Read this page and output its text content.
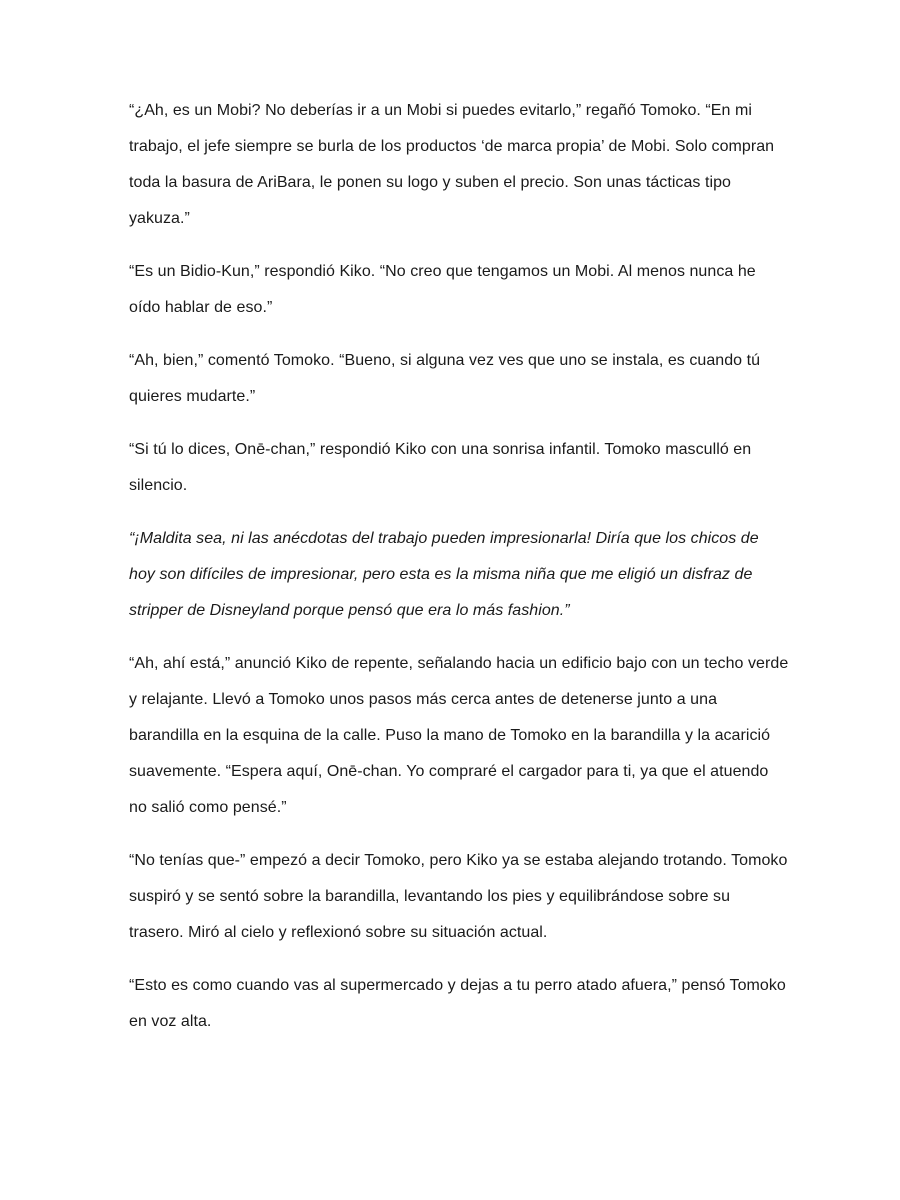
“¿Ah, es un Mobi? No deberías ir a un Mobi si puedes evitarlo,” regañó Tomoko. “En mi trabajo, el jefe siempre se burla de los productos ‘de marca propia’ de Mobi. Solo compran toda la basura de AriBara, le ponen su logo y suben el precio. Son unas tácticas tipo yakuza.”

“Es un Bidio-Kun,” respondió Kiko. “No creo que tengamos un Mobi. Al menos nunca he oído hablar de eso.”

“Ah, bien,” comentó Tomoko. “Bueno, si alguna vez ves que uno se instala, es cuando tú quieres mudarte.”

“Si tú lo dices, Onē-chan,” respondió Kiko con una sonrisa infantil. Tomoko masculló en silencio.

“¡Maldita sea, ni las anécdotas del trabajo pueden impresionarla! Diría que los chicos de hoy son difíciles de impresionar, pero esta es la misma niña que me eligió un disfraz de stripper de Disneyland porque pensó que era lo más fashion.”

“Ah, ahí está,” anunció Kiko de repente, señalando hacia un edificio bajo con un techo verde y relajante. Llevó a Tomoko unos pasos más cerca antes de detenerse junto a una barandilla en la esquina de la calle. Puso la mano de Tomoko en la barandilla y la acarició suavemente. “Espera aquí, Onē-chan. Yo compraré el cargador para ti, ya que el atuendo no salió como pensé.”

“No tenías que-” empezó a decir Tomoko, pero Kiko ya se estaba alejando trotando. Tomoko suspiró y se sentó sobre la barandilla, levantando los pies y equilibrándose sobre su trasero. Miró al cielo y reflexionó sobre su situación actual.

“Esto es como cuando vas al supermercado y dejas a tu perro atado afuera,” pensó Tomoko en voz alta.
